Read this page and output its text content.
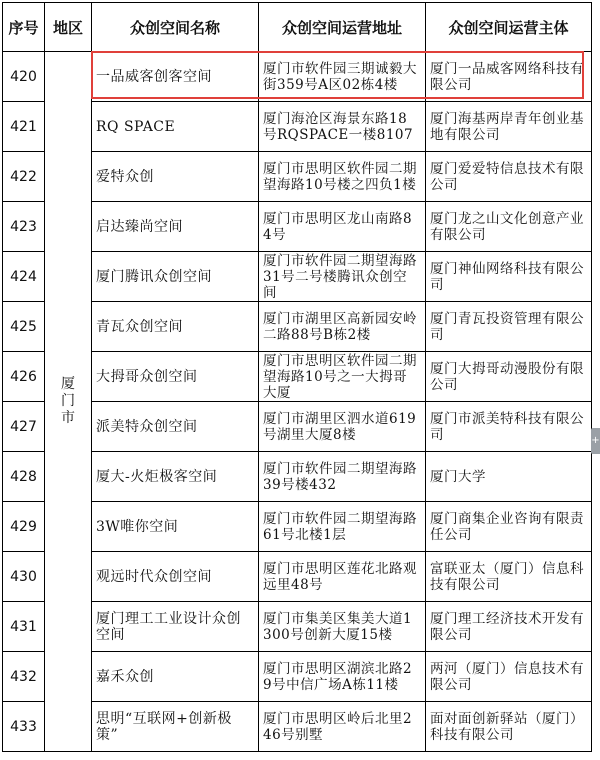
序号	地区	众创空间名称	众创空间运营地址	众创空间运营主体
420	厦门市	一品威客创客空间	厦门市软件园三期诚毅大街359号A区02栋4楼	厦门一品威客网络科技有限公司
421		RQ SPACE	厦门海沧区海景东路18号RQSPACE一楼8107	厦门海基两岸青年创业基地有限公司
422		爱特众创	厦门市思明区软件园二期望海路10号楼之四负1楼	厦门爱爱特信息技术有限公司
423		启达臻尚空间	厦门市思明区龙山南路84号	厦门龙之山文化创意产业有限公司
424		厦门腾讯众创空间	厦门市软件园二期望海路31号二号楼腾讯众创空间	厦门神仙网络科技有限公司
425		青瓦众创空间	厦门市湖里区高新园安岭二路88号B栋2楼	厦门青瓦投资管理有限公司
426		大拇哥众创空间	厦门市思明区软件园二期望海路10号之一大拇哥大厦	厦门大拇哥动漫股份有限公司
427		派美特众创空间	厦门市湖里区泗水道619号湖里大厦8楼	厦门市派美特科技有限公司
428		厦大-火炬极客空间	厦门市软件园二期望海路39号楼432	厦门大学
429		3W唯你空间	厦门市软件园二期望海路61号北楼1层	厦门商集企业咨询有限责任公司
430		观远时代众创空间	厦门市思明区莲花北路观远里48号	富联亚太（厦门）信息科技有限公司
431		厦门理工工业设计众创空间	厦门市集美区集美大道1300号创新大厦15楼	厦门理工经济技术开发有限公司
432		嘉禾众创	厦门市思明区湖滨北路29号中信广场A栋11楼	两河（厦门）信息技术有限公司
433		思明“互联网+创新极策”	厦门市思明区岭后北里246号别墅	面对面创新驿站（厦门）科技有限公司
+
